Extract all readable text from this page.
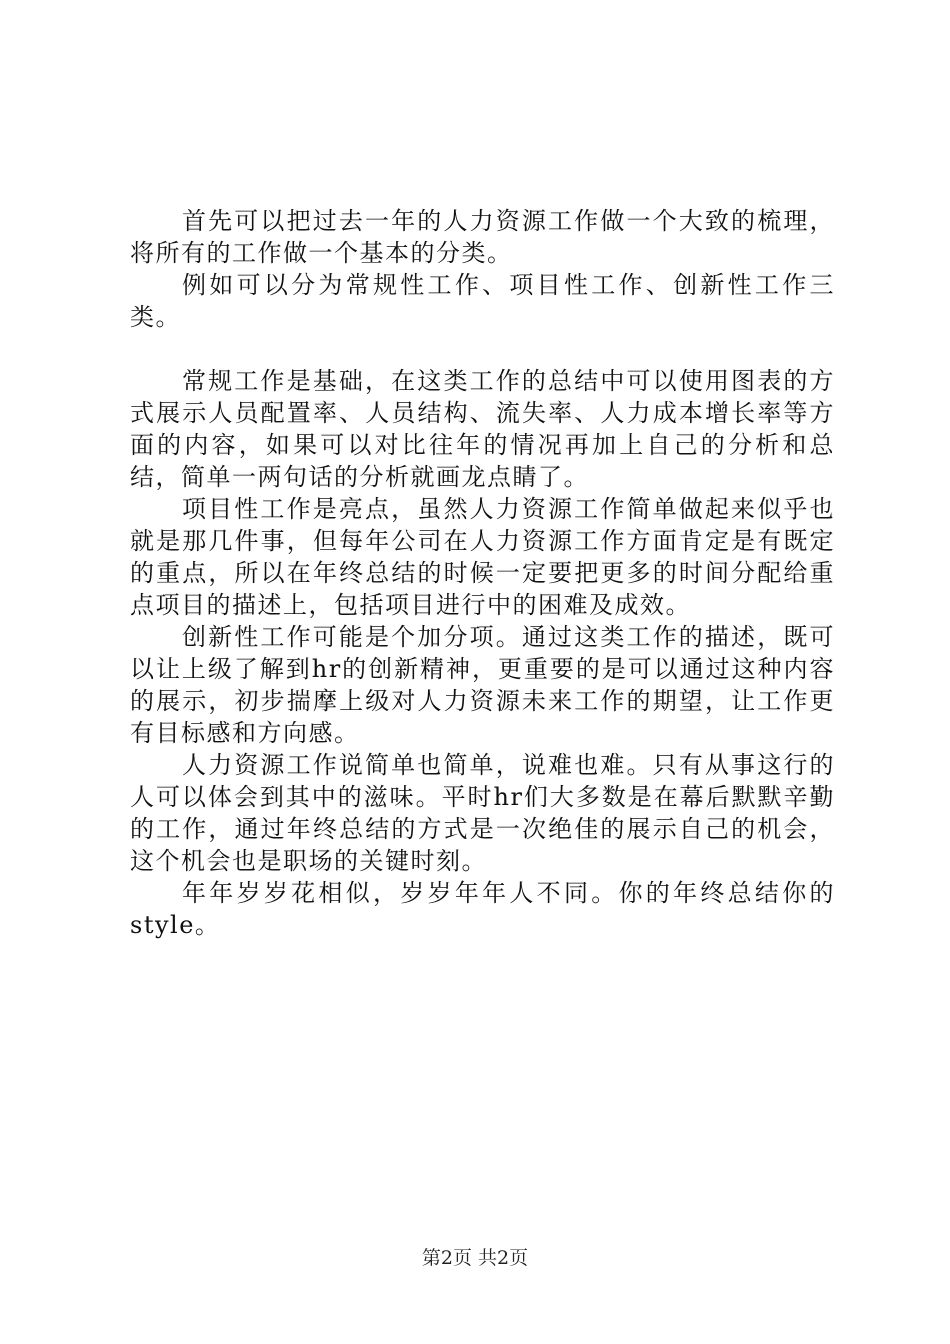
首先可以把过去一年的人力资源工作做一个大致的梳理，将所有的工作做一个基本的分类。

例如可以分为常规性工作、项目性工作、创新性工作三类。

常规工作是基础，在这类工作的总结中可以使用图表的方式展示人员配置率、人员结构、流失率、人力成本增长率等方面的内容，如果可以对比往年的情况再加上自己的分析和总结，简单一两句话的分析就画龙点睛了。

项目性工作是亮点，虽然人力资源工作简单做起来似乎也就是那几件事，但每年公司在人力资源工作方面肯定是有既定的重点，所以在年终总结的时候一定要把更多的时间分配给重点项目的描述上，包括项目进行中的困难及成效。

创新性工作可能是个加分项。通过这类工作的描述，既可以让上级了解到hr的创新精神，更重要的是可以通过这种内容的展示，初步揣摩上级对人力资源未来工作的期望，让工作更有目标感和方向感。

人力资源工作说简单也简单，说难也难。只有从事这行的人可以体会到其中的滋味。平时hr们大多数是在幕后默默辛勤的工作，通过年终总结的方式是一次绝佳的展示自己的机会，这个机会也是职场的关键时刻。

年年岁岁花相似，岁岁年年人不同。你的年终总结你的style。

第2页 共2页
